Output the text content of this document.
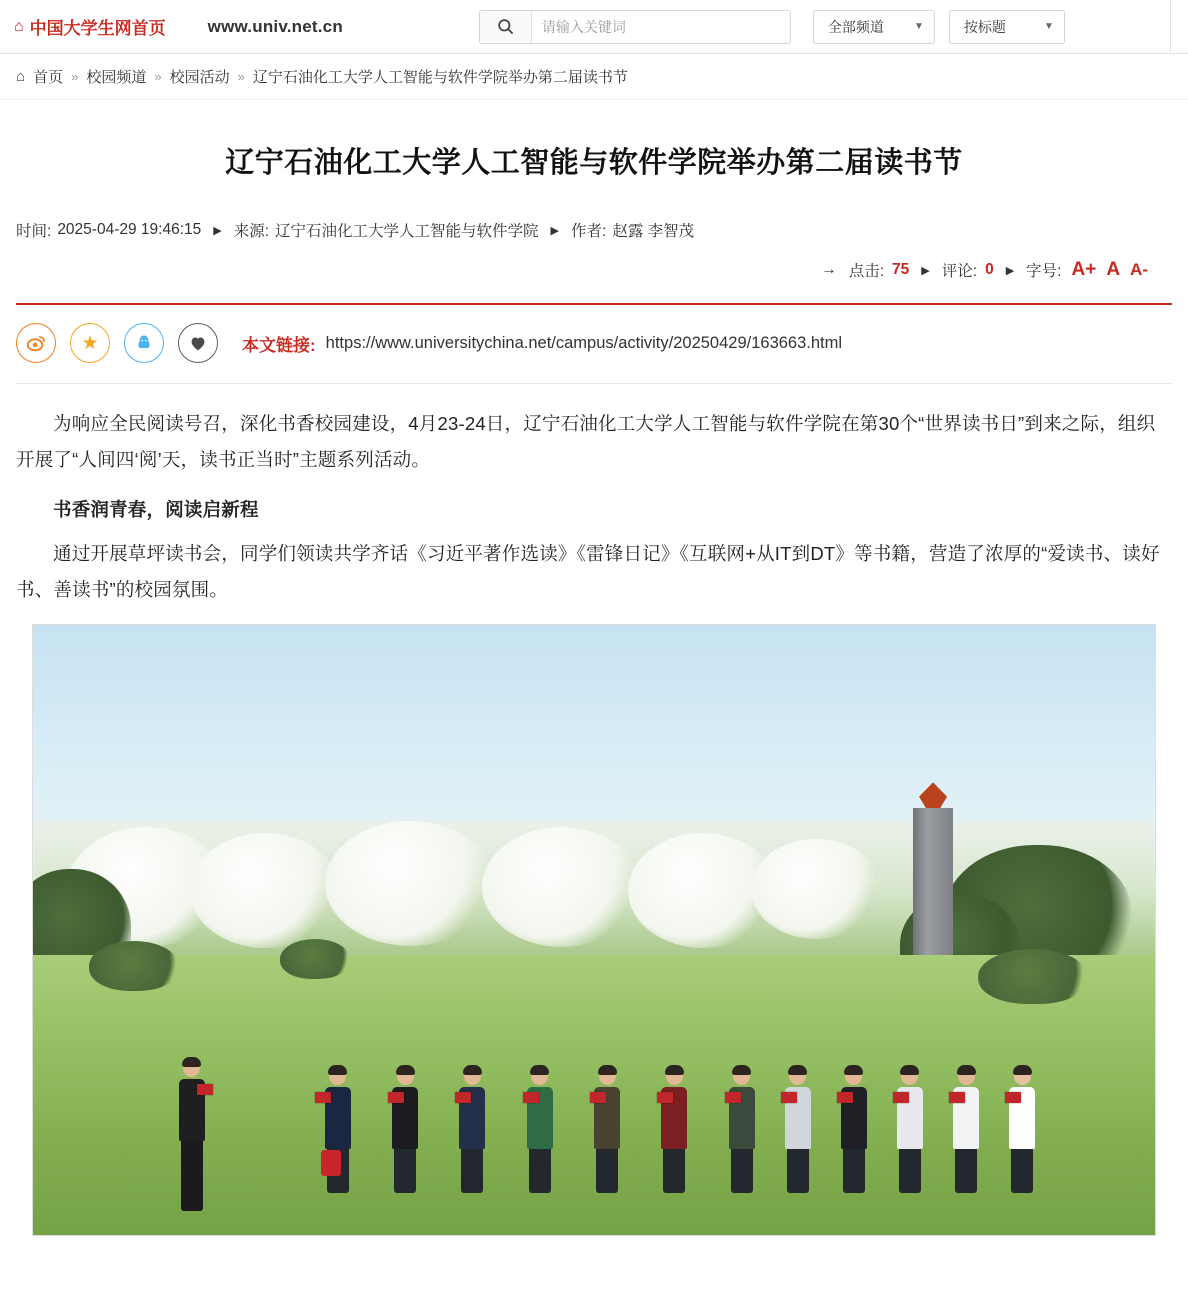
⌂ 中国大学生网首页 www.univ.net.cn
请输入关键词	全部频道	▼	按标题	▼
⌂ 首页 » 校园频道 » 校园活动 » 辽宁石油化工大学人工智能与软件学院举办第二届读书节
辽宁石油化工大学人工智能与软件学院举办第二届读书节
时间: 2025-04-29 19:46:15 ▶ 来源: 辽宁石油化工大学人工智能与软件学院 ▶ 作者: 赵露 李智茂
→ 点击: 75 ▶ 评论: 0 ▶ 字号: A+ A A-
★	本文链接: https://www.universitychina.net/campus/activity/20250429/163663.html

为响应全民阅读号召，深化书香校园建设，4月23-24日，辽宁石油化工大学人工智能与软件学院在第30个“世界读书日”到来之际，组织开展了“人间四‘阅’天，读书正当时”主题系列活动。

书香润青春，阅读启新程

通过开展草坪读书会，同学们领读共学齐话《习近平著作选读》《雷锋日记》《互联网+从IT到DT》等书籍，营造了浓厚的“爱读书、读好书、善读书”的校园氛围。
